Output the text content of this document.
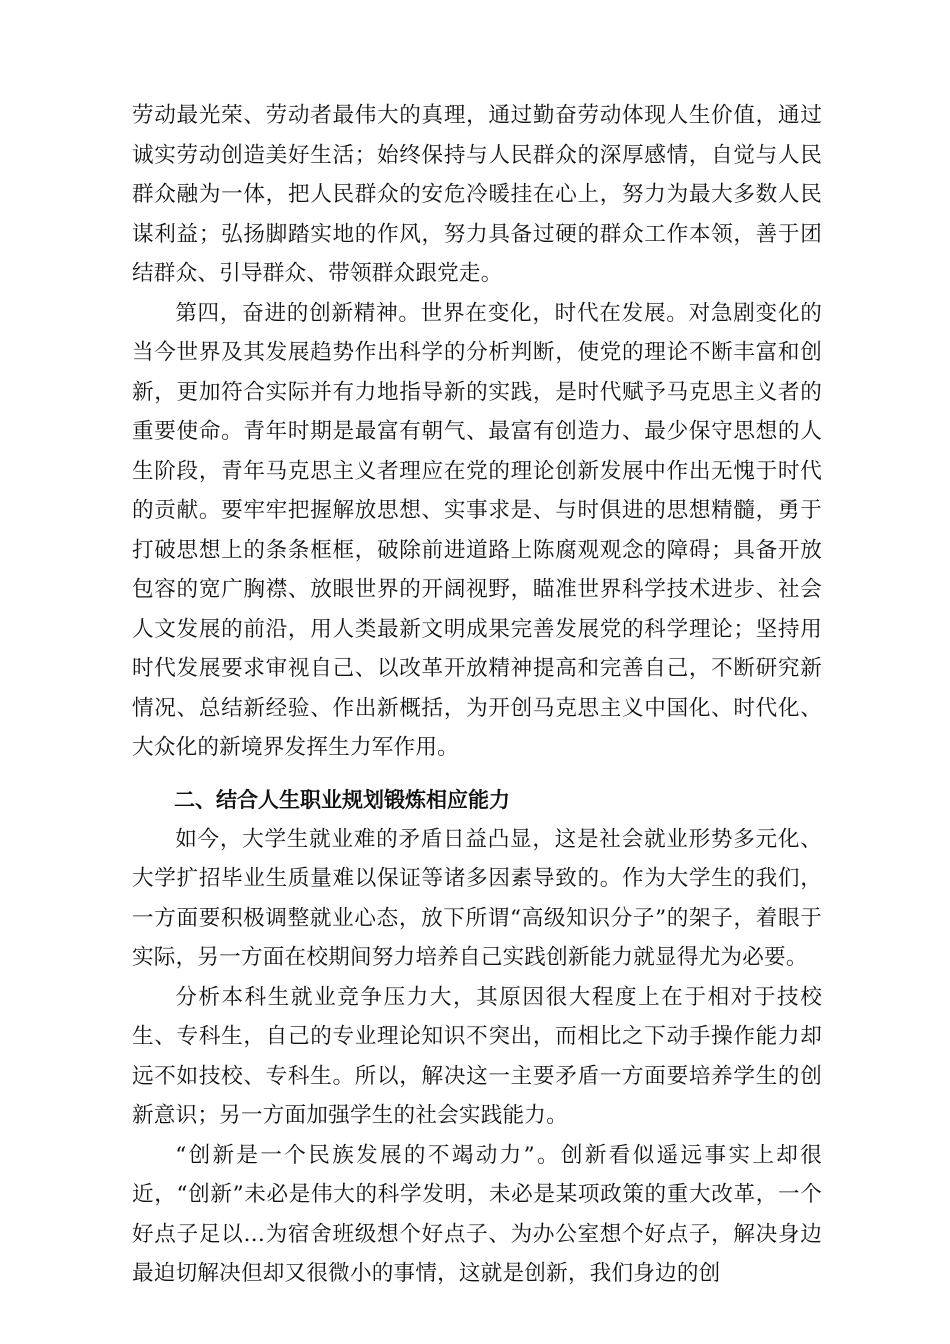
劳动最光荣、劳动者最伟大的真理，通过勤奋劳动体现人生价值，通过诚实劳动创造美好生活；始终保持与人民群众的深厚感情，自觉与人民群众融为一体，把人民群众的安危冷暖挂在心上，努力为最大多数人民谋利益；弘扬脚踏实地的作风，努力具备过硬的群众工作本领，善于团结群众、引导群众、带领群众跟党走。

第四，奋进的创新精神。世界在变化，时代在发展。对急剧变化的当今世界及其发展趋势作出科学的分析判断，使党的理论不断丰富和创新，更加符合实际并有力地指导新的实践，是时代赋予马克思主义者的重要使命。青年时期是最富有朝气、最富有创造力、最少保守思想的人生阶段，青年马克思主义者理应在党的理论创新发展中作出无愧于时代的贡献。要牢牢把握解放思想、实事求是、与时俱进的思想精髓，勇于打破思想上的条条框框，破除前进道路上陈腐观观念的障碍；具备开放包容的宽广胸襟、放眼世界的开阔视野，瞄准世界科学技术进步、社会人文发展的前沿，用人类最新文明成果完善发展党的科学理论；坚持用时代发展要求审视自己、以改革开放精神提高和完善自己，不断研究新情况、总结新经验、作出新概括，为开创马克思主义中国化、时代化、大众化的新境界发挥生力军作用。

二、结合人生职业规划锻炼相应能力

如今，大学生就业难的矛盾日益凸显，这是社会就业形势多元化、大学扩招毕业生质量难以保证等诸多因素导致的。作为大学生的我们，一方面要积极调整就业心态，放下所谓“高级知识分子”的架子，着眼于实际，另一方面在校期间努力培养自己实践创新能力就显得尤为必要。

分析本科生就业竞争压力大，其原因很大程度上在于相对于技校生、专科生，自己的专业理论知识不突出，而相比之下动手操作能力却远不如技校、专科生。所以，解决这一主要矛盾一方面要培养学生的创新意识；另一方面加强学生的社会实践能力。

“创新是一个民族发展的不竭动力”。创新看似遥远事实上却很近，“创新”未必是伟大的科学发明，未必是某项政策的重大改革，一个好点子足以…为宿舍班级想个好点子、为办公室想个好点子，解决身边最迫切解决但却又很微小的事情，这就是创新，我们身边的创
